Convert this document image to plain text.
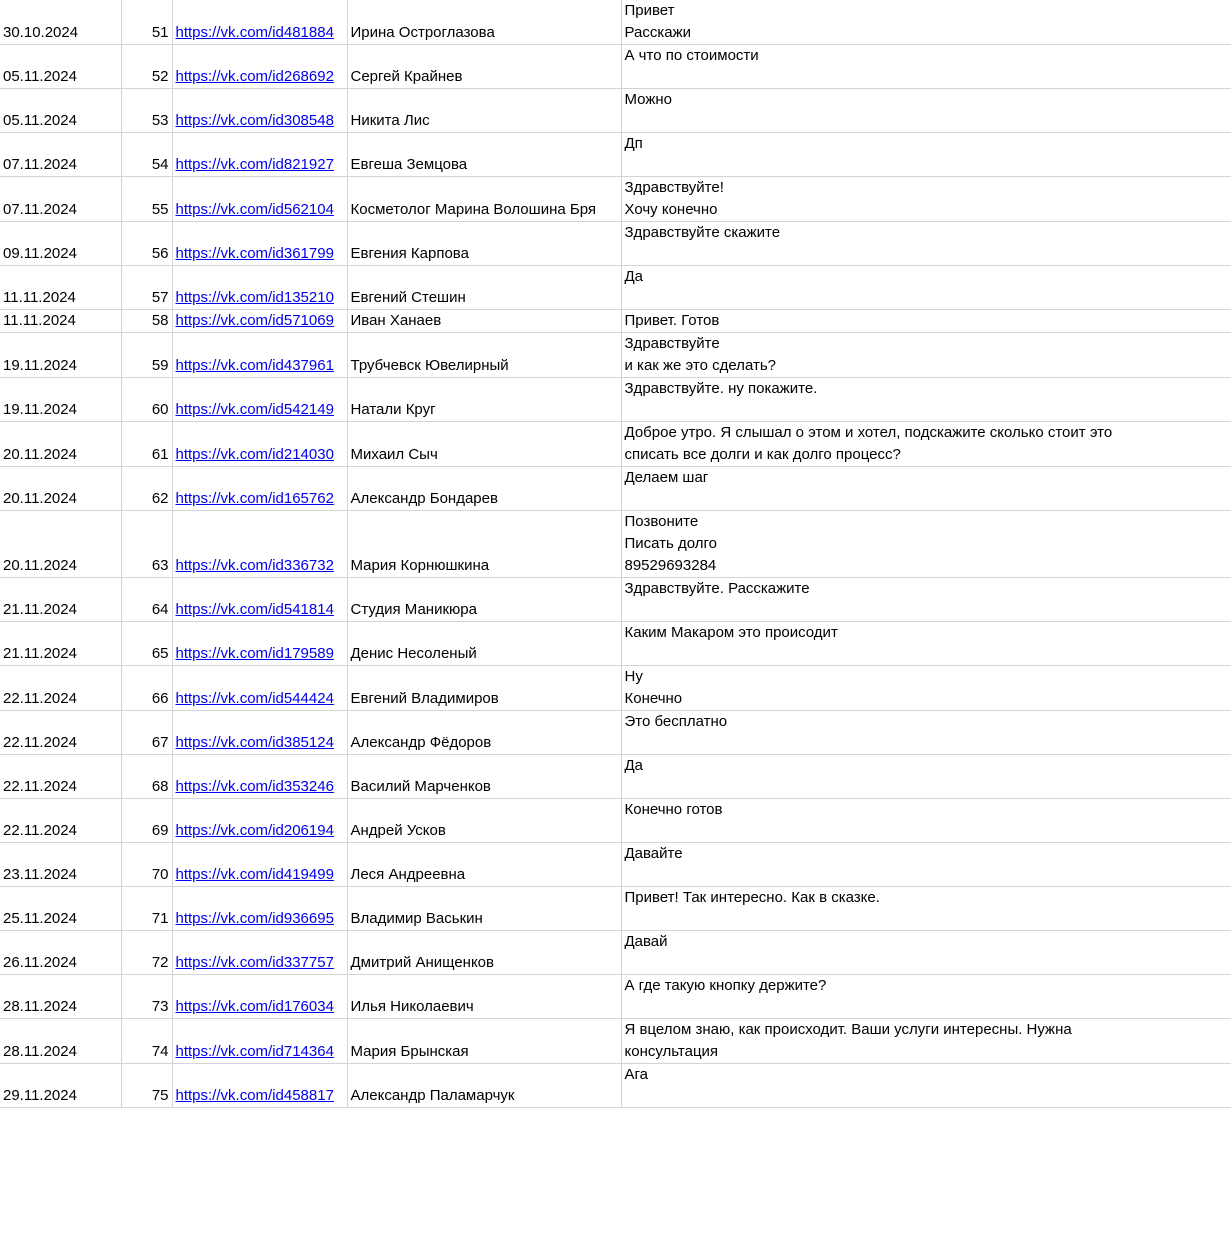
30.10.2024	51	https://vk.com/id481884	Ирина Остроглазова	Привет
Расскажи

05.11.2024	52	https://vk.com/id268692	Сергей Крайнев	А что по стоимости

05.11.2024	53	https://vk.com/id308548	Никита Лис	Можно

07.11.2024	54	https://vk.com/id821927	Евгеша Земцова	Дп

07.11.2024	55	https://vk.com/id562104	Косметолог Марина Волошина Бря	Здравствуйте!
Хочу конечно

09.11.2024	56	https://vk.com/id361799	Евгения Карпова	Здравствуйте скажите

11.11.2024	57	https://vk.com/id135210	Евгений Стешин	Да

11.11.2024	58	https://vk.com/id571069	Иван Ханаев	Привет. Готов

19.11.2024	59	https://vk.com/id437961	Трубчевск Ювелирный	Здравствуйте
и как же это сделать?

19.11.2024	60	https://vk.com/id542149	Натали Круг	Здравствуйте. ну покажите.

20.11.2024	61	https://vk.com/id214030	Михаил Сыч	Доброе утро. Я слышал о этом и хотел, подскажите сколько стоит это
списать все долги и как долго процесс?

20.11.2024	62	https://vk.com/id165762	Александр Бондарев	Делаем шаг

20.11.2024	63	https://vk.com/id336732	Мария Корнюшкина	Позвоните
Писать долго
89529693284

21.11.2024	64	https://vk.com/id541814	Студия Маникюра	Здравствуйте. Расскажите

21.11.2024	65	https://vk.com/id179589	Денис Несоленый	Каким Макаром это происодит

22.11.2024	66	https://vk.com/id544424	Евгений Владимиров	Ну
Конечно

22.11.2024	67	https://vk.com/id385124	Александр Фёдоров	Это бесплатно

22.11.2024	68	https://vk.com/id353246	Василий Марченков	Да

22.11.2024	69	https://vk.com/id206194	Андрей Усков	Конечно готов

23.11.2024	70	https://vk.com/id419499	Леся Андреевна	Давайте

25.11.2024	71	https://vk.com/id936695	Владимир Васькин	Привет! Так интересно. Как в сказке.

26.11.2024	72	https://vk.com/id337757	Дмитрий Анищенков	Давай

28.11.2024	73	https://vk.com/id176034	Илья Николаевич	А где такую кнопку держите?

28.11.2024	74	https://vk.com/id714364	Мария Брынская	Я вцелом знаю, как происходит. Ваши услуги интересны. Нужна
консультация

29.11.2024	75	https://vk.com/id458817	Александр Паламарчук	Ага
